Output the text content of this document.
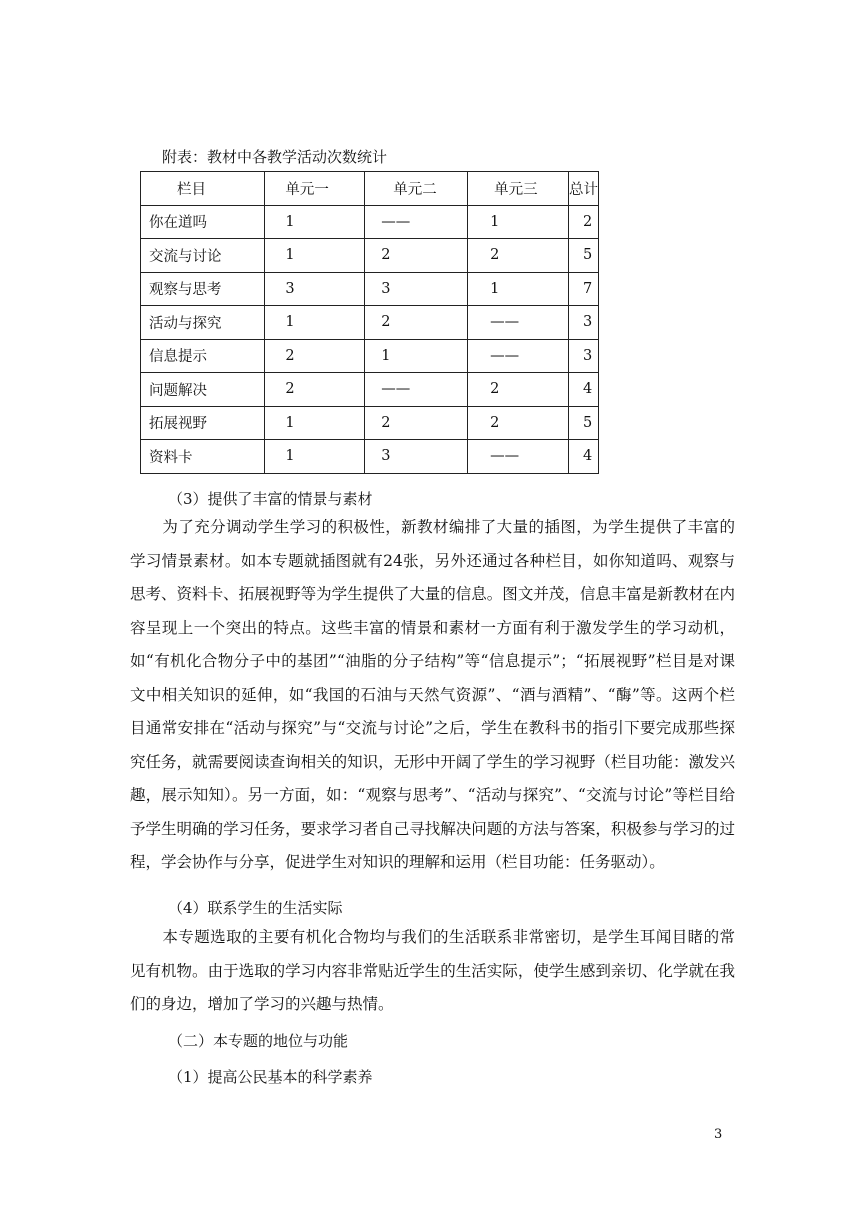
附表：教材中各教学活动次数统计
栏目	单元一	单元二	单元三	总计
你在道吗	1	——	1	2
交流与讨论	1	2	2	5
观察与思考	3	3	1	7
活动与探究	1	2	——	3
信息提示	2	1	——	3
问题解决	2	——	2	4
拓展视野	1	2	2	5
资料卡	1	3	——	4
（3）提供了丰富的情景与素材
为了充分调动学生学习的积极性，新教材编排了大量的插图，为学生提供了丰富的学习情景素材。如本专题就插图就有24张，另外还通过各种栏目，如你知道吗、观察与思考、资料卡、拓展视野等为学生提供了大量的信息。图文并茂，信息丰富是新教材在内容呈现上一个突出的特点。这些丰富的情景和素材一方面有利于激发学生的学习动机，如“有机化合物分子中的基团”“油脂的分子结构”等“信息提示”；“拓展视野”栏目是对课文中相关知识的延伸，如“我国的石油与天然气资源”、“酒与酒精”、“酶”等。这两个栏目通常安排在“活动与探究”与“交流与讨论”之后，学生在教科书的指引下要完成那些探究任务，就需要阅读查询相关的知识，无形中开阔了学生的学习视野（栏目功能：激发兴趣，展示知知）。另一方面，如：“观察与思考”、“活动与探究”、“交流与讨论”等栏目给予学生明确的学习任务，要求学习者自己寻找解决问题的方法与答案，积极参与学习的过程，学会协作与分享，促进学生对知识的理解和运用（栏目功能：任务驱动）。
（4）联系学生的生活实际
本专题选取的主要有机化合物均与我们的生活联系非常密切，是学生耳闻目睹的常见有机物。由于选取的学习内容非常贴近学生的生活实际，使学生感到亲切、化学就在我们的身边，增加了学习的兴趣与热情。
（二）本专题的地位与功能
（1）提高公民基本的科学素养
3
